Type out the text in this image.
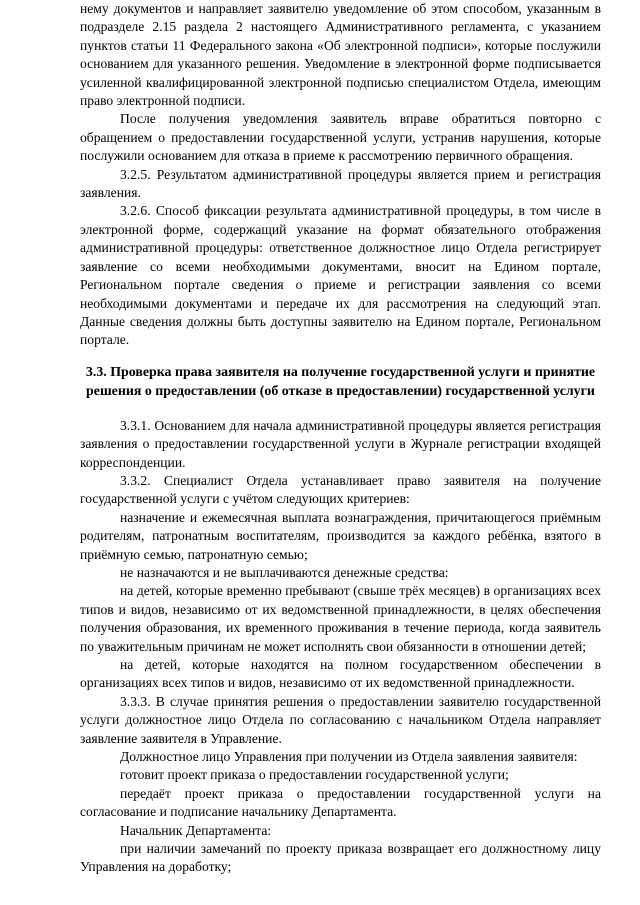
нему документов и направляет заявителю уведомление об этом способом, указанным в подразделе 2.15 раздела 2 настоящего Административного регламента, с указанием пунктов статьи 11 Федерального закона «Об электронной подписи», которые послужили основанием для указанного решения. Уведомление в электронной форме подписывается усиленной квалифицированной электронной подписью специалистом Отдела, имеющим право электронной подписи.

После получения уведомления заявитель вправе обратиться повторно с обращением о предоставлении государственной услуги, устранив нарушения, которые послужили основанием для отказа в приеме к рассмотрению первичного обращения.

3.2.5. Результатом административной процедуры является прием и регистрация заявления.

3.2.6. Способ фиксации результата административной процедуры, в том числе в электронной форме, содержащий указание на формат обязательного отображения административной процедуры: ответственное должностное лицо Отдела регистрирует заявление со всеми необходимыми документами, вносит на Едином портале, Региональном портале сведения о приеме и регистрации заявления со всеми необходимыми документами и передаче их для рассмотрения на следующий этап. Данные сведения должны быть доступны заявителю на Едином портале, Региональном портале.

3.3. Проверка права заявителя на получение государственной услуги и принятие решения о предоставлении (об отказе в предоставлении) государственной услуги

3.3.1. Основанием для начала административной процедуры является регистрация заявления о предоставлении государственной услуги в Журнале регистрации входящей корреспонденции.

3.3.2. Специалист Отдела устанавливает право заявителя на получение государственной услуги с учётом следующих критериев:

назначение и ежемесячная выплата вознаграждения, причитающегося приёмным родителям, патронатным воспитателям, производится за каждого ребёнка, взятого в приёмную семью, патронатную семью;

не назначаются и не выплачиваются денежные средства:

на детей, которые временно пребывают (свыше трёх месяцев) в организациях всех типов и видов, независимо от их ведомственной принадлежности, в целях обеспечения получения образования, их временного проживания в течение периода, когда заявитель по уважительным причинам не может исполнять свои обязанности в отношении детей;

на детей, которые находятся на полном государственном обеспечении в организациях всех типов и видов, независимо от их ведомственной принадлежности.

3.3.3. В случае принятия решения о предоставлении заявителю государственной услуги должностное лицо Отдела по согласованию с начальником Отдела направляет заявление заявителя в Управление.

Должностное лицо Управления при получении из Отдела заявления заявителя:

готовит проект приказа о предоставлении государственной услуги;

передаёт проект приказа о предоставлении государственной услуги на согласование и подписание начальнику Департамента.

Начальник Департамента:

при наличии замечаний по проекту приказа возвращает его должностному лицу Управления на доработку;
